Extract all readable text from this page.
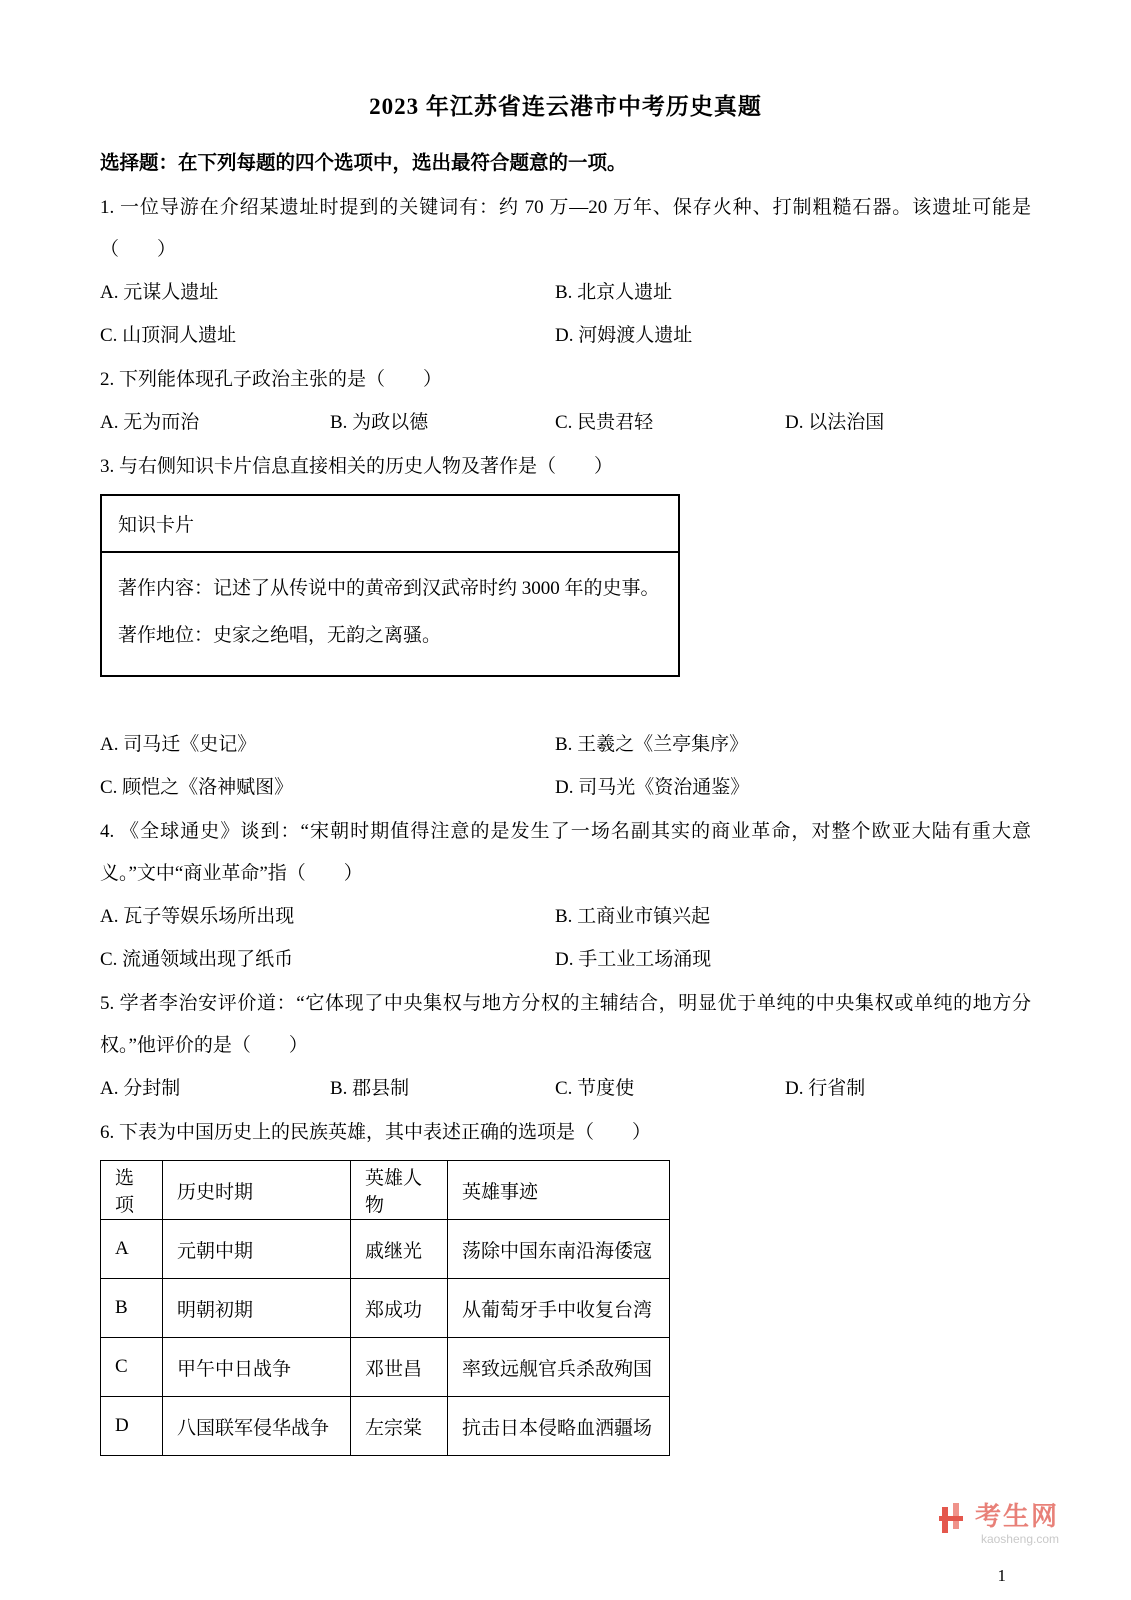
2023 年江苏省连云港市中考历史真题
选择题：在下列每题的四个选项中，选出最符合题意的一项。
1. 一位导游在介绍某遗址时提到的关键词有：约 70 万—20 万年、保存火种、打制粗糙石器。该遗址可能是（　　）
A. 元谋人遗址	B. 北京人遗址
C. 山顶洞人遗址	D. 河姆渡人遗址
2. 下列能体现孔子政治主张的是（　　）
A. 无为而治	B. 为政以德	C. 民贵君轻	D. 以法治国
3. 与右侧知识卡片信息直接相关的历史人物及著作是（　　）
知识卡片
著作内容：记述了从传说中的黄帝到汉武帝时约 3000 年的史事。
著作地位：史家之绝唱，无韵之离骚。
A. 司马迁《史记》	B. 王羲之《兰亭集序》
C. 顾恺之《洛神赋图》	D. 司马光《资治通鉴》
4. 《全球通史》谈到：“宋朝时期值得注意的是发生了一场名副其实的商业革命，对整个欧亚大陆有重大意义。”文中“商业革命”指（　　）
A. 瓦子等娱乐场所出现	B. 工商业市镇兴起
C. 流通领域出现了纸币	D. 手工业工场涌现
5. 学者李治安评价道：“它体现了中央集权与地方分权的主辅结合，明显优于单纯的中央集权或单纯的地方分权。”他评价的是（　　）
A. 分封制	B. 郡县制	C. 节度使	D. 行省制
6. 下表为中国历史上的民族英雄，其中表述正确的选项是（　　）
选项	历史时期	英雄人物	英雄事迹
A	元朝中期	戚继光	荡除中国东南沿海倭寇
B	明朝初期	郑成功	从葡萄牙手中收复台湾
C	甲午中日战争	邓世昌	率致远舰官兵杀敌殉国
D	八国联军侵华战争	左宗棠	抗击日本侵略血洒疆场
考生网
kaosheng.com
1
